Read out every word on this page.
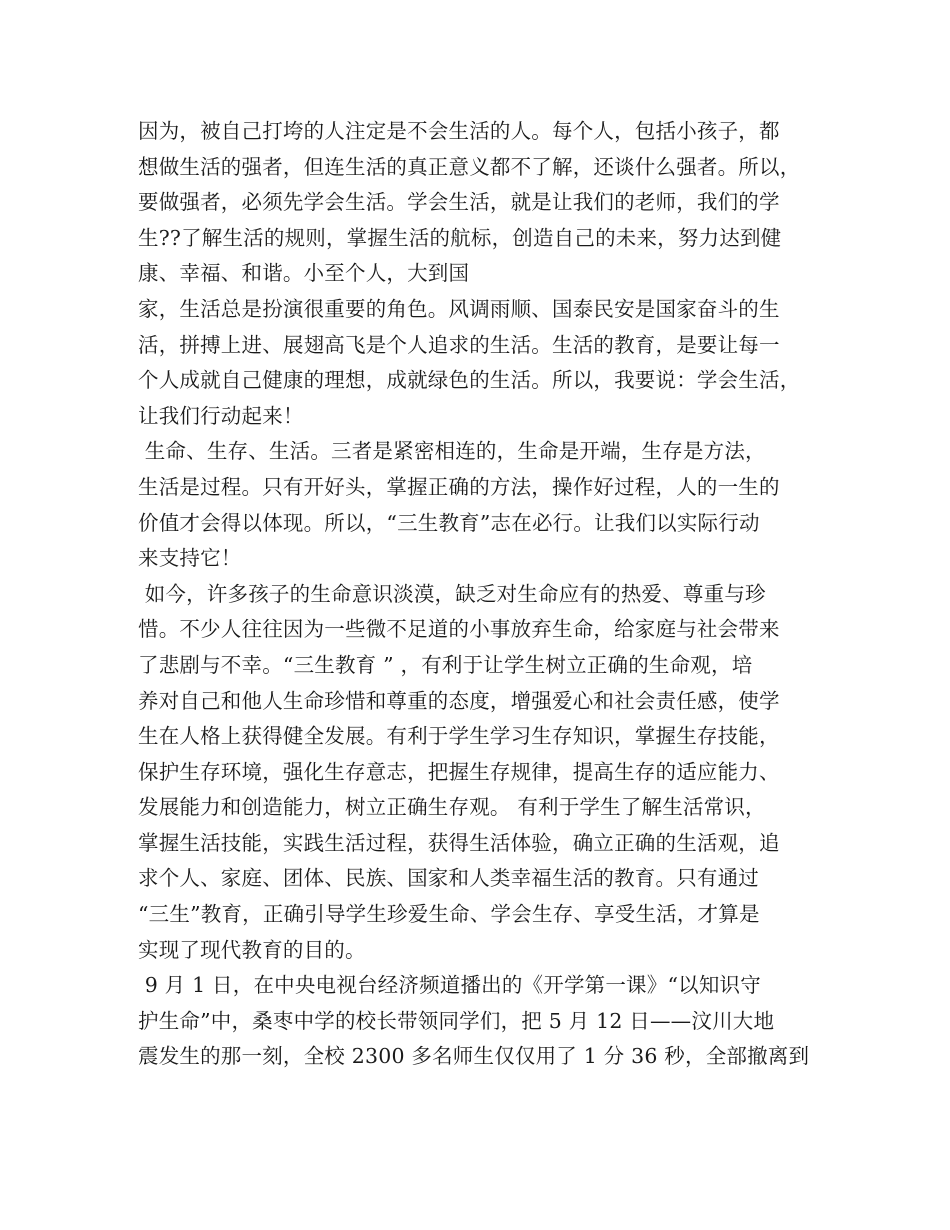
因为，被自己打垮的人注定是不会生活的人。每个人，包括小孩子，都
想做生活的强者，但连生活的真正意义都不了解，还谈什么强者。所以，
要做强者，必须先学会生活。学会生活，就是让我们的老师，我们的学
生??了解生活的规则，掌握生活的航标，创造自己的未来，努力达到健
康、幸福、和谐。小至个人，大到国
家，生活总是扮演很重要的角色。风调雨顺、国泰民安是国家奋斗的生
活，拼搏上进、展翅高飞是个人追求的生活。生活的教育，是要让每一
个人成就自己健康的理想，成就绿色的生活。所以，我要说：学会生活，
让我们行动起来！
生命、生存、生活。三者是紧密相连的，生命是开端，生存是方法，
生活是过程。只有开好头，掌握正确的方法，操作好过程，人的一生的
价值才会得以体现。所以，“三生教育”志在必行。让我们以实际行动
来支持它！
如今，许多孩子的生命意识淡漠，缺乏对生命应有的热爱、尊重与珍
惜。不少人往往因为一些微不足道的小事放弃生命，给家庭与社会带来
了悲剧与不幸。“三生教育 ” ，有利于让学生树立正确的生命观，培
养对自己和他人生命珍惜和尊重的态度，增强爱心和社会责任感，使学
生在人格上获得健全发展。有利于学生学习生存知识，掌握生存技能，
保护生存环境，强化生存意志，把握生存规律，提高生存的适应能力、
发展能力和创造能力，树立正确生存观。 有利于学生了解生活常识，
掌握生活技能，实践生活过程，获得生活体验，确立正确的生活观，追
求个人、家庭、团体、民族、国家和人类幸福生活的教育。只有通过
“三生”教育，正确引导学生珍爱生命、学会生存、享受生活，才算是
实现了现代教育的目的。
9 月 1 日，在中央电视台经济频道播出的《开学第一课》“以知识守
护生命”中，桑枣中学的校长带领同学们，把 5 月 12 日——汶川大地
震发生的那一刻，全校 2300 多名师生仅仅用了 1 分 36 秒，全部撤离到
